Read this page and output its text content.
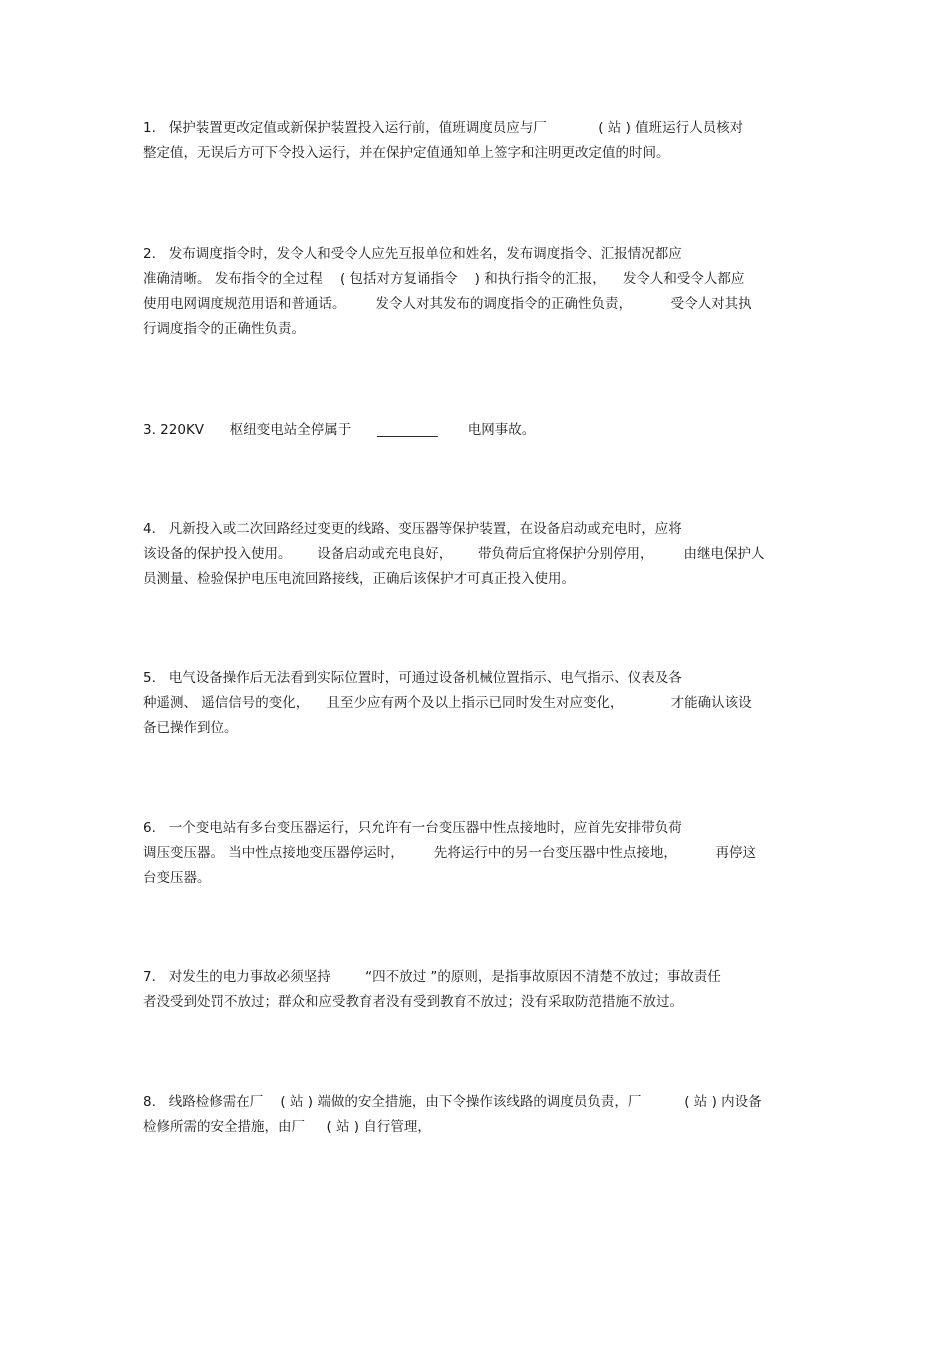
1.   保护装置更改定值或新保护装置投入运行前，值班调度员应与厂            ( 站 ) 值班运行人员核对
整定值，无误后方可下令投入运行，并在保护定值通知单上签字和注明更改定值的时间。
2.   发布调度指令时，发令人和受令人应先互报单位和姓名，发布调度指令、汇报情况都应
准确清晰。 发布指令的全过程    ( 包括对方复诵指令    ) 和执行指令的汇报，    发令人和受令人都应
使用电网调度规范用语和普通话。       发令人对其发布的调度指令的正确性负责，         受令人对其执
行调度指令的正确性负责。
3. 220KV      枢纽变电站全停属于      _________       电网事故。
4.   凡新投入或二次回路经过变更的线路、变压器等保护装置，在设备启动或充电时，应将
该设备的保护投入使用。      设备启动或充电良好，      带负荷后宜将保护分别停用，       由继电保护人
员测量、检验保护电压电流回路接线，正确后该保护才可真正投入使用。
5.   电气设备操作后无法看到实际位置时，可通过设备机械位置指示、电气指示、仪表及各
种遥测、 遥信信号的变化，    且至少应有两个及以上指示已同时发生对应变化，           才能确认该设
备已操作到位。
6.   一个变电站有多台变压器运行，只允许有一台变压器中性点接地时，应首先安排带负荷
调压变压器。 当中性点接地变压器停运时，       先将运行中的另一台变压器中性点接地，         再停这
台变压器。
7.   对发生的电力事故必须坚持        “四不放过 ”的原则，是指事故原因不清楚不放过；事故责任
者没受到处罚不放过；群众和应受教育者没有受到教育不放过；没有采取防范措施不放过。
8.   线路检修需在厂    ( 站 ) 端做的安全措施，由下令操作该线路的调度员负责，厂          ( 站 ) 内设备
检修所需的安全措施，由厂     ( 站 ) 自行管理，
